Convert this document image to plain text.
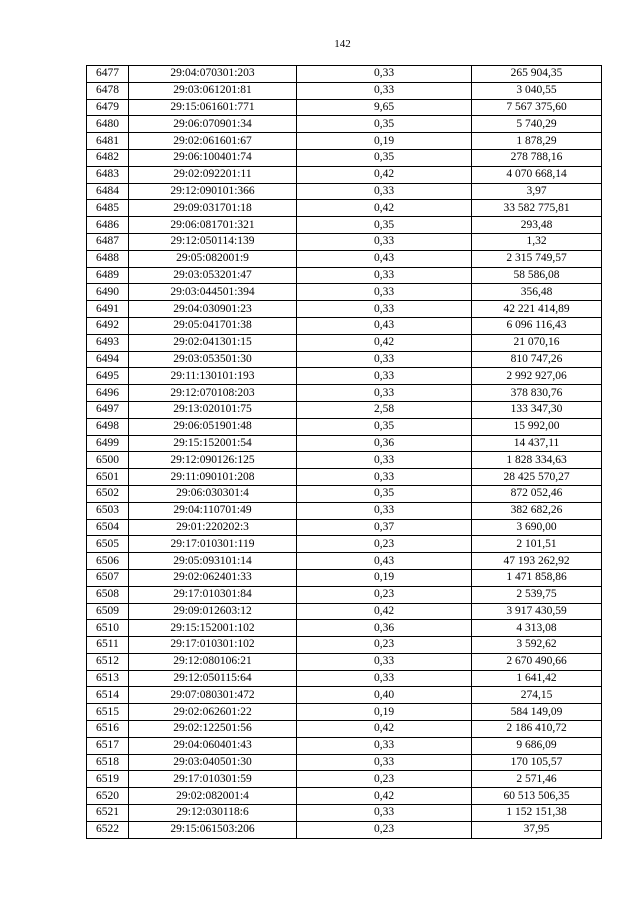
142
6477	29:04:070301:203	0,33	265 904,35
6478	29:03:061201:81	0,33	3 040,55
6479	29:15:061601:771	9,65	7 567 375,60
6480	29:06:070901:34	0,35	5 740,29
6481	29:02:061601:67	0,19	1 878,29
6482	29:06:100401:74	0,35	278 788,16
6483	29:02:092201:11	0,42	4 070 668,14
6484	29:12:090101:366	0,33	3,97
6485	29:09:031701:18	0,42	33 582 775,81
6486	29:06:081701:321	0,35	293,48
6487	29:12:050114:139	0,33	1,32
6488	29:05:082001:9	0,43	2 315 749,57
6489	29:03:053201:47	0,33	58 586,08
6490	29:03:044501:394	0,33	356,48
6491	29:04:030901:23	0,33	42 221 414,89
6492	29:05:041701:38	0,43	6 096 116,43
6493	29:02:041301:15	0,42	21 070,16
6494	29:03:053501:30	0,33	810 747,26
6495	29:11:130101:193	0,33	2 992 927,06
6496	29:12:070108:203	0,33	378 830,76
6497	29:13:020101:75	2,58	133 347,30
6498	29:06:051901:48	0,35	15 992,00
6499	29:15:152001:54	0,36	14 437,11
6500	29:12:090126:125	0,33	1 828 334,63
6501	29:11:090101:208	0,33	28 425 570,27
6502	29:06:030301:4	0,35	872 052,46
6503	29:04:110701:49	0,33	382 682,26
6504	29:01:220202:3	0,37	3 690,00
6505	29:17:010301:119	0,23	2 101,51
6506	29:05:093101:14	0,43	47 193 262,92
6507	29:02:062401:33	0,19	1 471 858,86
6508	29:17:010301:84	0,23	2 539,75
6509	29:09:012603:12	0,42	3 917 430,59
6510	29:15:152001:102	0,36	4 313,08
6511	29:17:010301:102	0,23	3 592,62
6512	29:12:080106:21	0,33	2 670 490,66
6513	29:12:050115:64	0,33	1 641,42
6514	29:07:080301:472	0,40	274,15
6515	29:02:062601:22	0,19	584 149,09
6516	29:02:122501:56	0,42	2 186 410,72
6517	29:04:060401:43	0,33	9 686,09
6518	29:03:040501:30	0,33	170 105,57
6519	29:17:010301:59	0,23	2 571,46
6520	29:02:082001:4	0,42	60 513 506,35
6521	29:12:030118:6	0,33	1 152 151,38
6522	29:15:061503:206	0,23	37,95
